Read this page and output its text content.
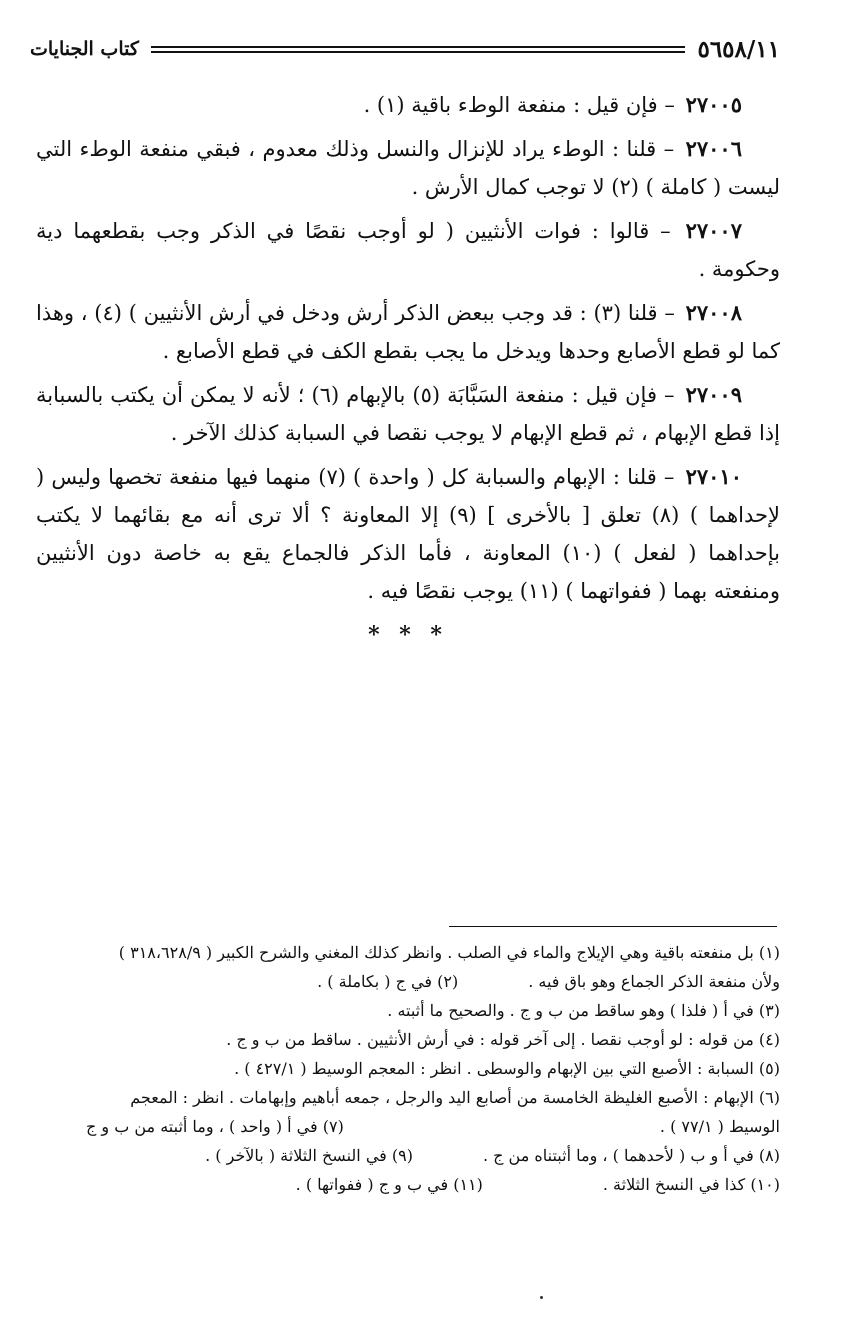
٥٦٥٨/١١
كتاب الجنايات

٢٧٠٠٥ – فإن قيل : منفعة الوطء باقية (١) .

٢٧٠٠٦ – قلنا : الوطء يراد للإنزال والنسل وذلك معدوم ، فبقي منفعة الوطء التي ليست ( كاملة ) (٢) لا توجب كمال الأرش .

٢٧٠٠٧ – قالوا : فوات الأنثيين ( لو أوجب نقصًا في الذكر وجب بقطعهما دية وحكومة .

٢٧٠٠٨ – قلنا (٣) : قد وجب ببعض الذكر أرش ودخل في أرش الأنثيين ) (٤) ، وهذا كما لو قطع الأصابع وحدها ويدخل ما يجب بقطع الكف في قطع الأصابع .

٢٧٠٠٩ – فإن قيل : منفعة السَبَّابَة (٥) بالإبهام (٦) ؛ لأنه لا يمكن أن يكتب بالسبابة إذا قطع الإبهام ، ثم قطع الإبهام لا يوجب نقصا في السبابة كذلك الآخر .

٢٧٠١٠ – قلنا : الإبهام والسبابة كل ( واحدة ) (٧) منهما فيها منفعة تخصها وليس ( لإحداهما ) (٨) تعلق [ بالأخرى ] (٩) إلا المعاونة ؟ ألا ترى أنه مع بقائهما لا يكتب بإحداهما ( لفعل ) (١٠) المعاونة ، فأما الذكر فالجماع يقع به خاصة دون الأنثيين ومنفعته بهما ( ففواتهما ) (١١) يوجب نقصًا فيه .

* * *

(١) بل منفعته باقية وهي الإيلاج والماء في الصلب . وانظر كذلك المغني والشرح الكبير ( ٣١٨،٦٢٨/٩ )

ولأن منفعة الذكر الجماع وهو باق فيه .
(٢) في ج ( بكاملة ) .

(٣) في أ ( فلذا ) وهو ساقط من ب و ج . والصحيح ما أثبته .

(٤) من قوله : لو أوجب نقصا . إلى آخر قوله : في أرش الأنثيين . ساقط من ب و ج .

(٥) السبابة : الأصبع التي بين الإبهام والوسطى . انظر : المعجم الوسيط ( ٤٢٧/١ ) .

(٦) الإبهام : الأصبع الغليظة الخامسة من أصابع اليد والرجل ، جمعه أباهيم وإبهامات . انظر : المعجم

الوسيط ( ٧٧/١ ) .
(٧) في أ ( واحد ) ، وما أثبته من ب و ج
(٨) في أ و ب ( لأحدهما ) ، وما أثبتناه من ج .
(٩) في النسخ الثلاثة ( بالآخر ) .
(١٠) كذا في النسخ الثلاثة .
(١١) في ب و ج ( ففواتها ) .
